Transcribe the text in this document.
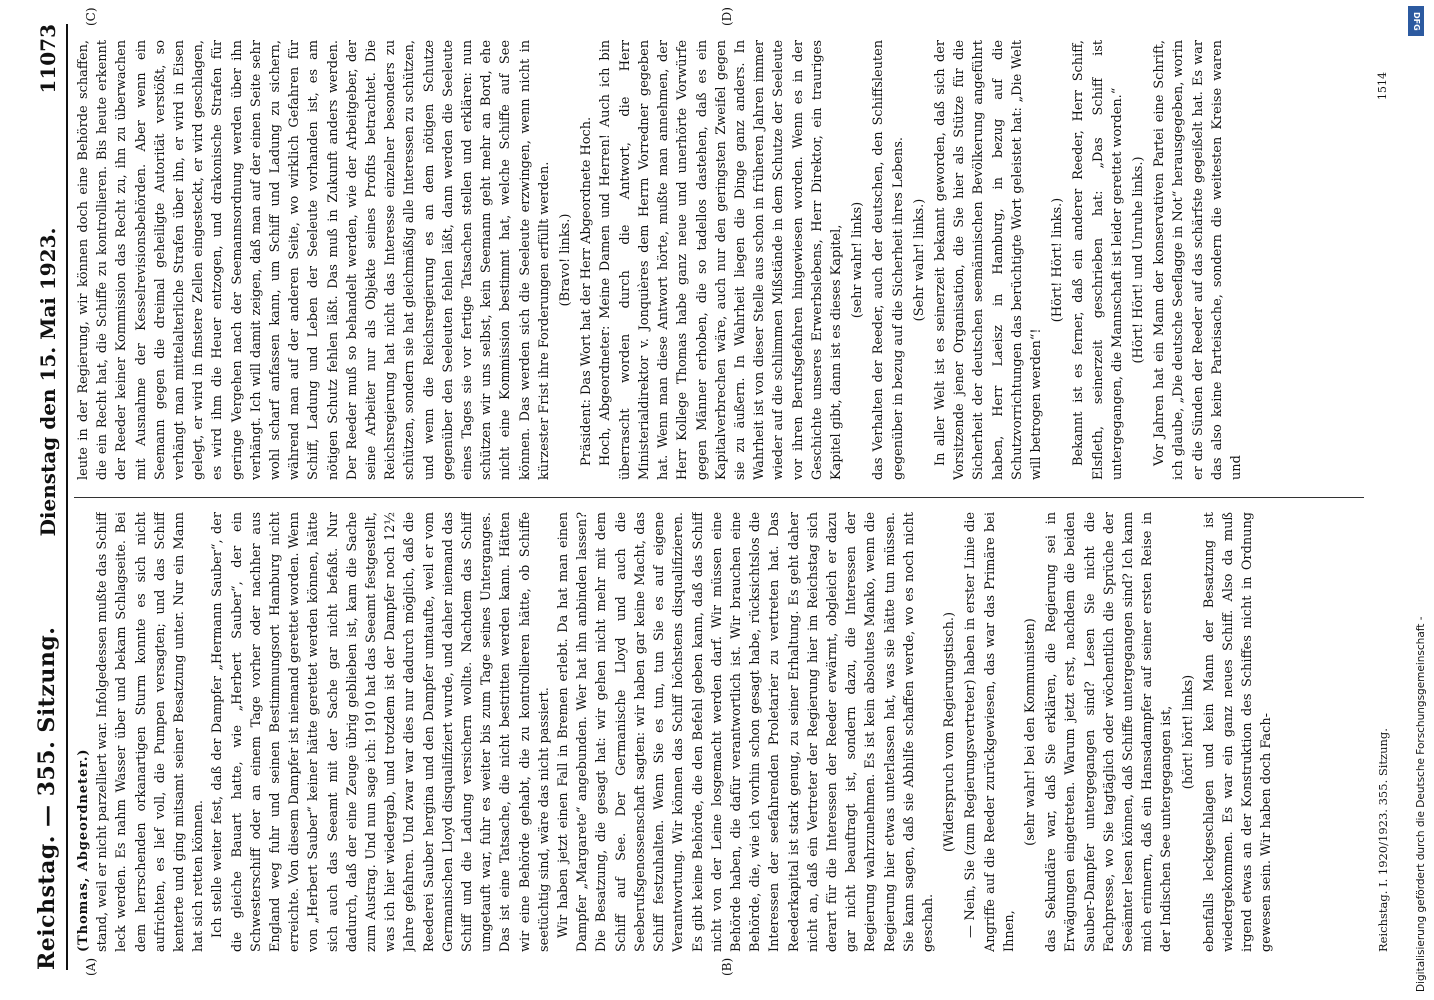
Reichstag. — 355. Sitzung.
Dienstag den 15. Mai 1923.  11073
(A)	(B)
(C)	(D)

(Thomas, Abgeordneter.) stand, weil er nicht parzelliert war. Infolgedessen mußte das Schiff leck werden. Es nahm Wasser über und bekam Schlagseite. Bei dem herrschenden orkanartigen Sturm konnte es sich nicht aufrichten, es lief voll, die Pumpen versagten; und das Schiff kenterte und ging mitsamt seiner Besatzung unter. Nur ein Mann hat sich retten können. Ich stelle weiter fest, daß der Dampfer „Hermann Sauber“, der die gleiche Bauart hatte, wie „Herbert Sauber“, der ein Schwesterschiff oder an einem Tage vorher oder nachher aus England weg fuhr und seinen Bestimmungsort Hamburg nicht erreichte. Von diesem Dampfer ist niemand gerettet worden. Wenn von „Herbert Sauber“ keiner hätte gerettet werden können, hätte sich auch das Seeamt mit der Sache gar nicht befaßt. Nur dadurch, daß der eine Zeuge übrig geblieben ist, kam die Sache zum Austrag. Und nun sage ich: 1910 hat das Seeamt festgestellt, was ich hier wiedergab, und trotzdem ist der Dampfer noch 12½ Jahre gefahren. Und zwar war dies nur dadurch möglich, daß die Reederei Sauber hergina und den Dampfer umtaufte, weil er vom Germanischen Lloyd disqualifiziert wurde, und daher niemand das Schiff und die Ladung versichern wollte. Nachdem das Schiff umgetauft war, fuhr es weiter bis zum Tage seines Unterganges. Das ist eine Tatsache, die nicht bestritten werden kann. Hätten wir eine Behörde gehabt, die zu kontrollieren hätte, ob Schiffe seetüchtig sind, wäre das nicht passiert. Wir haben jetzt einen Fall in Bremen erlebt. Da hat man einen Dampfer „Margarete“ angebunden. Wer hat ihn anbinden lassen? Die Besatzung, die gesagt hat: wir gehen nicht mehr mit dem Schiff auf See. Der Germanische Lloyd und auch die Seeberufsgenossenschaft sagten: wir haben gar keine Macht, das Schiff festzuhalten. Wenn Sie es tun, tun Sie es auf eigene Verantwortung. Wir können das Schiff höchstens disqualifizieren. Es gibt keine Behörde, die den Befehl geben kann, daß das Schiff nicht von der Leine losgemacht werden darf. Wir müssen eine Behörde haben, die dafür verantwortlich ist. Wir brauchen eine Behörde, die, wie ich vorhin schon gesagt habe, rücksichtslos die Interessen der seefahrenden Proletarier zu vertreten hat. Das Reederkapital ist stark genug, zu seiner Erhaltung. Es geht daher nicht an, daß ein Vertreter der Regierung hier im Reichstag sich derart für die Interessen der Reeder erwärmt, obgleich er dazu gar nicht beauftragt ist, sondern dazu, die Interessen der Regierung wahrzunehmen. Es ist kein absolutes Manko, wenn die Regierung hier etwas unterlassen hat, was sie hätte tun müssen. Sie kann sagen, daß sie Abhilfe schaffen werde, wo es noch nicht geschah.

(Widerspruch vom Regierungstisch.) — Nein, Sie (zum Regierungsvertreter) haben in erster Linie die Angriffe auf die Reeder zurückgewiesen, das war das Primäre bei Ihnen,

(sehr wahr! bei den Kommunisten) das Sekundäre war, daß Sie erklären, die Regierung sei in Erwägungen eingetreten. Warum jetzt erst, nachdem die beiden Sauber-Dampfer untergegangen sind? Lesen Sie nicht die Fachpresse, wo Sie tagtäglich oder wöchentlich die Sprüche der Seeämter lesen können, daß Schiffe untergegangen sind? Ich kann mich erinnern, daß ein Hansadampfer auf seiner ersten Reise in der Indischen See untergegangen ist, (hört! hört! links) ebenfalls leckgeschlagen und kein Mann der Besatzung ist wiedergekommen. Es war ein ganz neues Schiff. Also da muß irgend etwas an der Konstruktion des Schiffes nicht in Ordnung gewesen sein. Wir haben doch Fach-

leute in der Regierung, wir können doch eine Behörde schaffen, die ein Recht hat, die Schiffe zu kontrollieren. Bis heute erkennt der Reeder keiner Kommission das Recht zu, ihn zu überwachen mit Ausnahme der Kesselrevisionsbehörden. Aber wenn ein Seemann gegen die dreimal geheiligte Autorität verstößt, so verhängt man mittelalterliche Strafen über ihn, er wird in Eisen gelegt, er wird in finstere Zellen eingesteckt, er wird geschlagen, es wird ihm die Heuer entzogen, und drakonische Strafen für geringe Vergehen nach der Seemannsordnung werden über ihn verhängt. Ich will damit zeigen, daß man auf der einen Seite sehr wohl scharf anfassen kann, um Schiff und Ladung zu sichern, während man auf der anderen Seite, wo wirklich Gefahren für Schiff, Ladung und Leben der Seeleute vorhanden ist, es am nötigen Schutz fehlen läßt. Das muß in Zukunft anders werden. Der Reeder muß so behandelt werden, wie der Arbeitgeber, der seine Arbeiter nur als Objekte seines Profits betrachtet. Die Reichsregierung hat nicht das Interesse einzelner besonders zu schützen, sondern sie hat gleichmäßig alle Interessen zu schützen, und wenn die Reichsregierung es an dem nötigen Schutze gegenüber den Seeleuten fehlen läßt, dann werden die Seeleute eines Tages sie vor fertige Tatsachen stellen und erklären: nun schützen wir uns selbst, kein Seemann geht mehr an Bord, ehe nicht eine Kommission bestimmt hat, welche Schiffe auf See können. Das werden sich die Seeleute erzwingen, wenn nicht in kürzester Frist ihre Forderungen erfüllt werden. (Bravo! links.) Präsident: Das Wort hat der Herr Abgeordnete Hoch. Hoch, Abgeordneter: Meine Damen und Herren! Auch ich bin überrascht worden durch die Antwort, die Herr Ministerialdirektor v. Jonquières dem Herrn Vorredner gegeben hat. Wenn man diese Antwort hörte, mußte man annehmen, der Herr Kollege Thomas habe ganz neue und unerhörte Vorwürfe gegen Männer erhoben, die so tadellos dastehen, daß es ein Kapitalverbrechen wäre, auch nur den geringsten Zweifel gegen sie zu äußern. In Wahrheit liegen die Dinge ganz anders. In Wahrheit ist von dieser Stelle aus schon in früheren Jahren immer wieder auf die schlimmen Mißstände in dem Schutze der Seeleute vor ihren Berufsgefahren hingewiesen worden. Wenn es in der Geschichte unseres Erwerbslebens, Herr Direktor, ein trauriges Kapitel gibt, dann ist es dieses Kapitel, (sehr wahr! links) das Verhalten der Reeder, auch der deutschen, den Schiffsleuten gegenüber in bezug auf die Sicherheit ihres Lebens. (Sehr wahr! links.) In aller Welt ist es seinerzeit bekannt geworden, daß sich der Vorsitzende jener Organisation, die Sie hier als Stütze für die Sicherheit der deutschen seemännischen Bevölkerung angeführt haben, Herr Laeisz in Hamburg, in bezug auf die Schutzvorrichtungen das berüchtigte Wort geleistet hat: „Die Welt will betrogen werden“!

(Hört! Hört! links.) Bekannt ist es ferner, daß ein anderer Reeder, Herr Schiff, Elsfleth, seinerzeit geschrieben hat: „Das Schiff ist untergegangen, die Mannschaft ist leider gerettet worden.“ (Hört! Hört! und Unruhe links.) Vor Jahren hat ein Mann der konservativen Partei eine Schrift, ich glaube, „Die deutsche Seeflagge in Not“ herausgegeben, worin er die Sünden der Reeder auf das schärfste gegeißelt hat. Es war das also keine Parteisache, sondern die weitesten Kreise waren und

Reichstag. I. 1920/1923. 355. Sitzung.
1514
DFG
Digitalisierung gefördert durch die Deutsche Forschungsgemeinschaft -
